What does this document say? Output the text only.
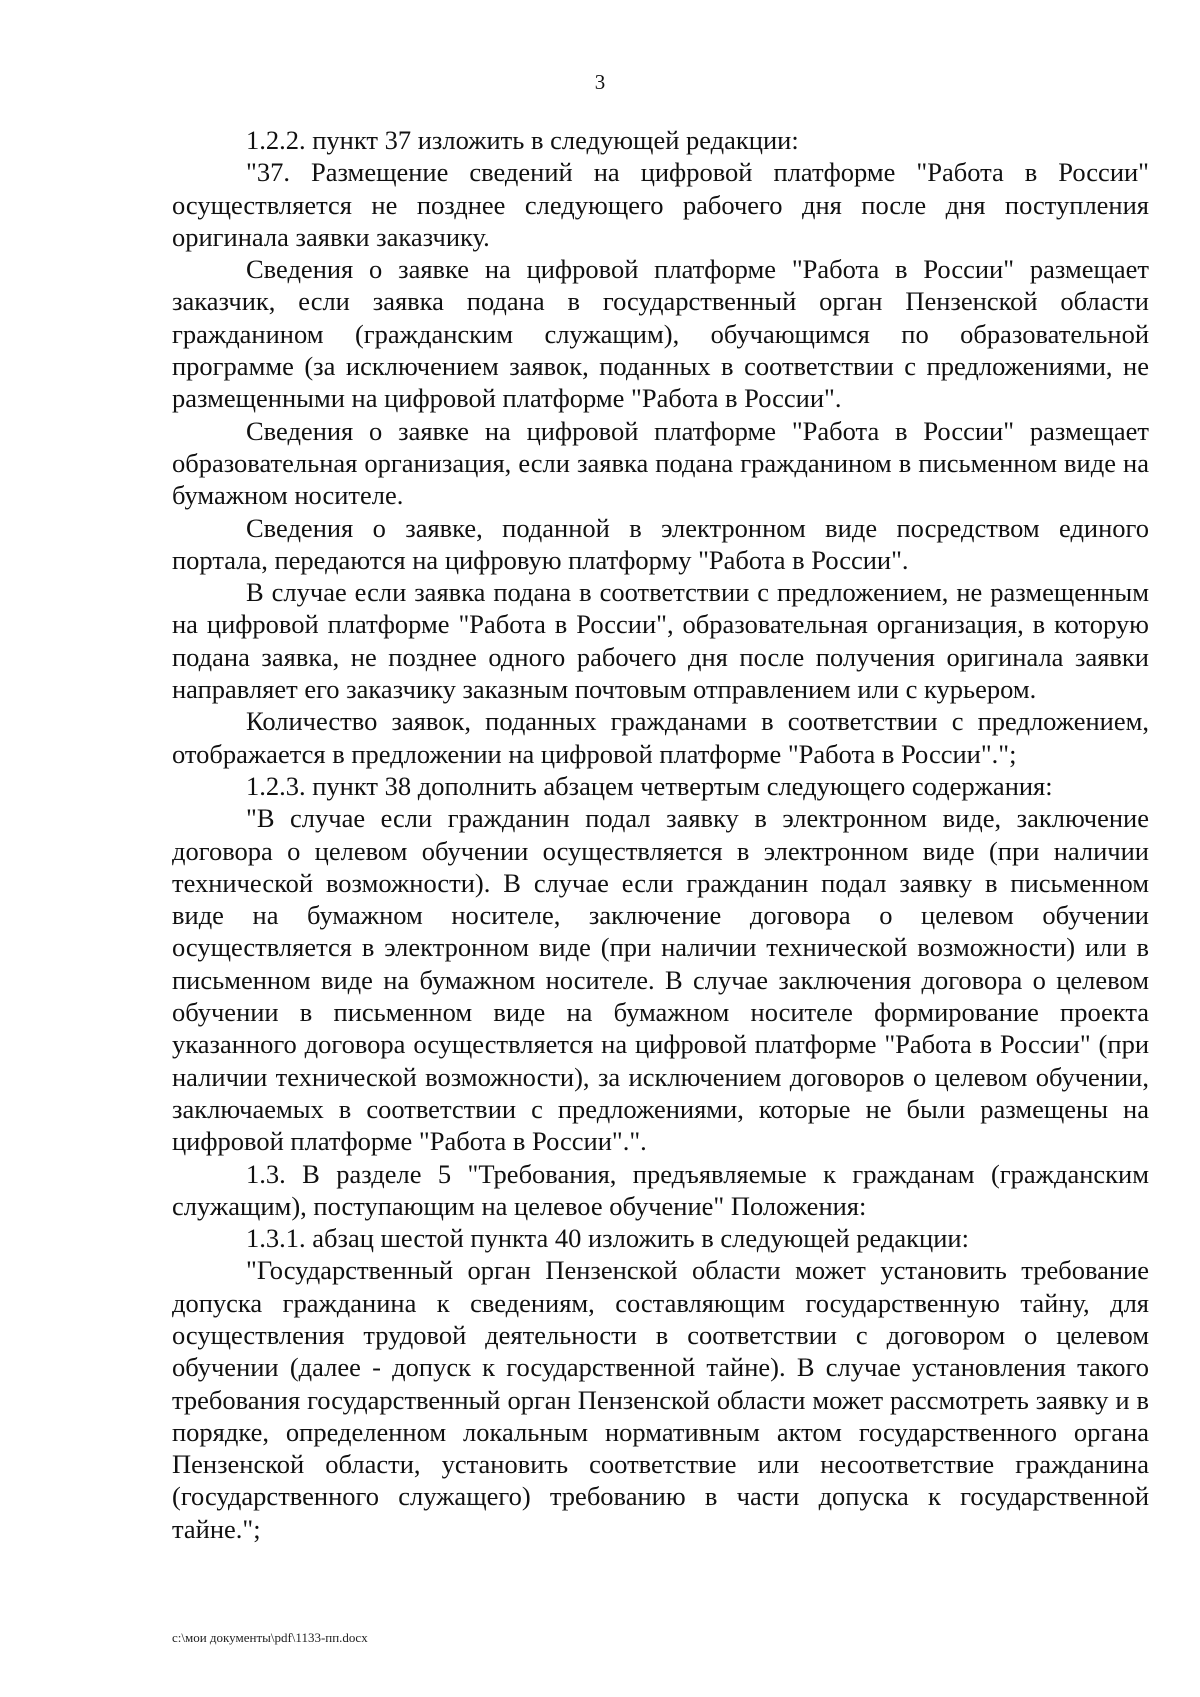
3

1.2.2. пункт 37 изложить в следующей редакции:

"37. Размещение сведений на цифровой платформе "Работа в России" осуществляется не позднее следующего рабочего дня после дня поступления оригинала заявки заказчику.

Сведения о заявке на цифровой платформе "Работа в России" размещает заказчик, если заявка подана в государственный орган Пензенской области гражданином (гражданским служащим), обучающимся по образовательной программе (за исключением заявок, поданных в соответствии с предложениями, не размещенными на цифровой платформе "Работа в России".

Сведения о заявке на цифровой платформе "Работа в России" размещает образовательная организация, если заявка подана гражданином в письменном виде на бумажном носителе.

Сведения о заявке, поданной в электронном виде посредством единого портала, передаются на цифровую платформу "Работа в России".

В случае если заявка подана в соответствии с предложением, не размещенным на цифровой платформе "Работа в России", образовательная организация, в которую подана заявка, не позднее одного рабочего дня после получения оригинала заявки направляет его заказчику заказным почтовым отправлением или с курьером.

Количество заявок, поданных гражданами в соответствии с предложением, отображается в предложении на цифровой платформе "Работа в России".";

1.2.3. пункт 38 дополнить абзацем четвертым следующего содержания:

"В случае если гражданин подал заявку в электронном виде, заключение договора о целевом обучении осуществляется в электронном виде (при наличии технической возможности). В случае если гражданин подал заявку в письменном виде на бумажном носителе, заключение договора о целевом обучении осуществляется в электронном виде (при наличии технической возможности) или в письменном виде на бумажном носителе. В случае заключения договора о целевом обучении в письменном виде на бумажном носителе формирование проекта указанного договора осуществляется на цифровой платформе "Работа в России" (при наличии технической возможности), за исключением договоров о целевом обучении, заключаемых в соответствии с предложениями, которые не были размещены на цифровой платформе "Работа в России".".

1.3. В разделе 5 "Требования, предъявляемые к гражданам (гражданским служащим), поступающим на целевое обучение" Положения:

1.3.1. абзац шестой пункта 40 изложить в следующей редакции:

"Государственный орган Пензенской области может установить требование допуска гражданина к сведениям, составляющим государственную тайну, для осуществления трудовой деятельности в соответствии с договором о целевом обучении (далее - допуск к государственной тайне). В случае установления такого требования государственный орган Пензенской области может рассмотреть заявку и в порядке, определенном локальным нормативным актом государственного органа Пензенской области, установить соответствие или несоответствие гражданина (государственного служащего) требованию в части допуска к государственной тайне.";

c:\мои документы\pdf\1133-пп.docx
